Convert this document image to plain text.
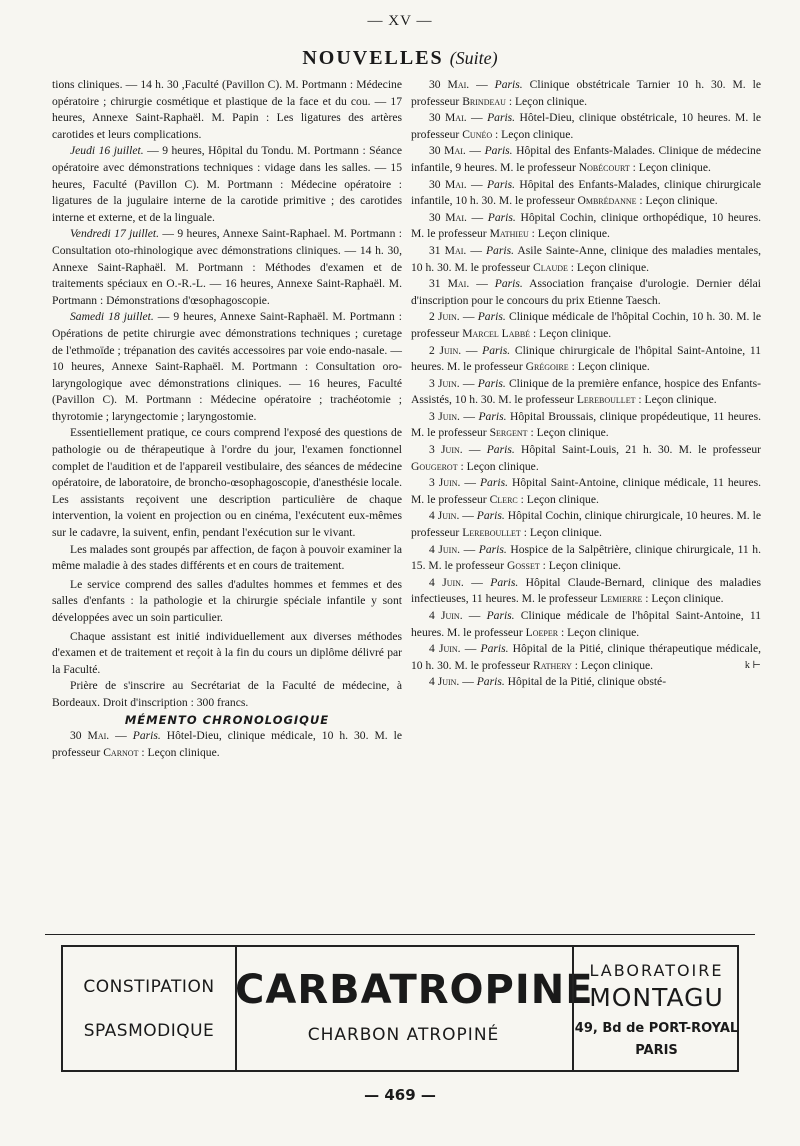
— XV —
NOUVELLES (Suite)

tions cliniques. — 14 h. 30 ,Faculté (Pavillon C). M. Portmann : Médecine opératoire ; chirurgie cosmétique et plastique de la face et du cou. — 17 heures, Annexe Saint-Raphaël. M. Papin : Les ligatures des artères carotides et leurs complications.

Jeudi 16 juillet. — 9 heures, Hôpital du Tondu. M. Portmann : Séance opératoire avec démonstrations techniques : vidage dans les salles. — 15 heures, Faculté (Pavillon C). M. Portmann : Médecine opératoire : ligatures de la jugulaire interne de la carotide primitive ; des carotides interne et externe, et de la linguale.

Vendredi 17 juillet. — 9 heures, Annexe Saint-Raphael. M. Portmann : Consultation oto-rhinologique avec démonstrations cliniques. — 14 h. 30, Annexe Saint-Raphaël. M. Portmann : Méthodes d'examen et de traitements spéciaux en O.-R.-L. — 16 heures, Annexe Saint-Raphaël. M. Portmann : Démonstrations d'œsophagoscopie.

Samedi 18 juillet. — 9 heures, Annexe Saint-Raphaël. M. Portmann : Opérations de petite chirurgie avec démonstrations techniques ; curetage de l'ethmoïde ; trépanation des cavités accessoires par voie endo-nasale. — 10 heures, Annexe Saint-Raphaël. M. Portmann : Consultation oro-laryngologique avec démonstrations cliniques. — 16 heures, Faculté (Pavillon C). M. Portmann : Médecine opératoire ; trachéotomie ; thyrotomie ; laryngectomie ; laryngostomie.

Essentiellement pratique, ce cours comprend l'exposé des questions de pathologie ou de thérapeutique à l'ordre du jour, l'examen fonctionnel complet de l'audition et de l'appareil vestibulaire, des séances de médecine opératoire, de laboratoire, de broncho-œsophagoscopie, d'anesthésie locale. Les assistants reçoivent une description particulière de chaque intervention, la voient en projection ou en cinéma, l'exécutent eux-mêmes sur le cadavre, la suivent, enfin, pendant l'exécution sur le vivant.

Les malades sont groupés par affection, de façon à pouvoir examiner la même maladie à des stades différents et en cours de traitement.

Le service comprend des salles d'adultes hommes et femmes et des salles d'enfants : la pathologie et la chirurgie spéciale infantile y sont développées avec un soin particulier.

Chaque assistant est initié individuellement aux diverses méthodes d'examen et de traitement et reçoit à la fin du cours un diplôme délivré par la Faculté.

Prière de s'inscrire au Secrétariat de la Faculté de médecine, à Bordeaux. Droit d'inscription : 300 francs.

MÉMENTO CHRONOLOGIQUE

30 Mai. — Paris. Hôtel-Dieu, clinique médicale, 10 h. 30. M. le professeur Carnot : Leçon clinique.

30 Mai. — Paris. Clinique obstétricale Tarnier 10 h. 30. M. le professeur Brindeau : Leçon clinique.

30 Mai. — Paris. Hôtel-Dieu, clinique obstétricale, 10 heures. M. le professeur Cunéo : Leçon clinique.

30 Mai. — Paris. Hôpital des Enfants-Malades. Clinique de médecine infantile, 9 heures. M. le professeur Nobécourt : Leçon clinique.

30 Mai. — Paris. Hôpital des Enfants-Malades, clinique chirurgicale infantile, 10 h. 30. M. le professeur Ombrédanne : Leçon clinique.

30 Mai. — Paris. Hôpital Cochin, clinique orthopédique, 10 heures. M. le professeur Mathieu : Leçon clinique.

31 Mai. — Paris. Asile Sainte-Anne, clinique des maladies mentales, 10 h. 30. M. le professeur Claude : Leçon clinique.

31 Mai. — Paris. Association française d'urologie. Dernier délai d'inscription pour le concours du prix Etienne Taesch.

2 Juin. — Paris. Clinique médicale de l'hôpital Cochin, 10 h. 30. M. le professeur Marcel Labbé : Leçon clinique.

2 Juin. — Paris. Clinique chirurgicale de l'hôpital Saint-Antoine, 11 heures. M. le professeur Grégoire : Leçon clinique.

3 Juin. — Paris. Clinique de la première enfance, hospice des Enfants-Assistés, 10 h. 30. M. le professeur Lereboullet : Leçon clinique.

3 Juin. — Paris. Hôpital Broussais, clinique propédeutique, 11 heures. M. le professeur Sergent : Leçon clinique.

3 Juin. — Paris. Hôpital Saint-Louis, 21 h. 30. M. le professeur Gougerot : Leçon clinique.

3 Juin. — Paris. Hôpital Saint-Antoine, clinique médicale, 11 heures. M. le professeur Clerc : Leçon clinique.

4 Juin. — Paris. Hôpital Cochin, clinique chirurgicale, 10 heures. M. le professeur Lereboullet : Leçon clinique.

4 Juin. — Paris. Hospice de la Salpêtrière, clinique chirurgicale, 11 h. 15. M. le professeur Gosset : Leçon clinique.

4 Juin. — Paris. Hôpital Claude-Bernard, clinique des maladies infectieuses, 11 heures. M. le professeur Lemierre : Leçon clinique.

4 Juin. — Paris. Clinique médicale de l'hôpital Saint-Antoine, 11 heures. M. le professeur Loeper : Leçon clinique.

4 Juin. — Paris. Hôpital de la Pitié, clinique thérapeutique médicale, 10 h. 30. M. le professeur Rathery : Leçon clinique.	k ⊢

4 Juin. — Paris. Hôpital de la Pitié, clinique obsté-

CONSTIPATION
SPASMODIQUE
CARBATROPINE
CHARBON ATROPINÉ
LABORATOIRE
MONTAGU
49, Bd de PORT-ROYAL
PARIS
— 469 —
